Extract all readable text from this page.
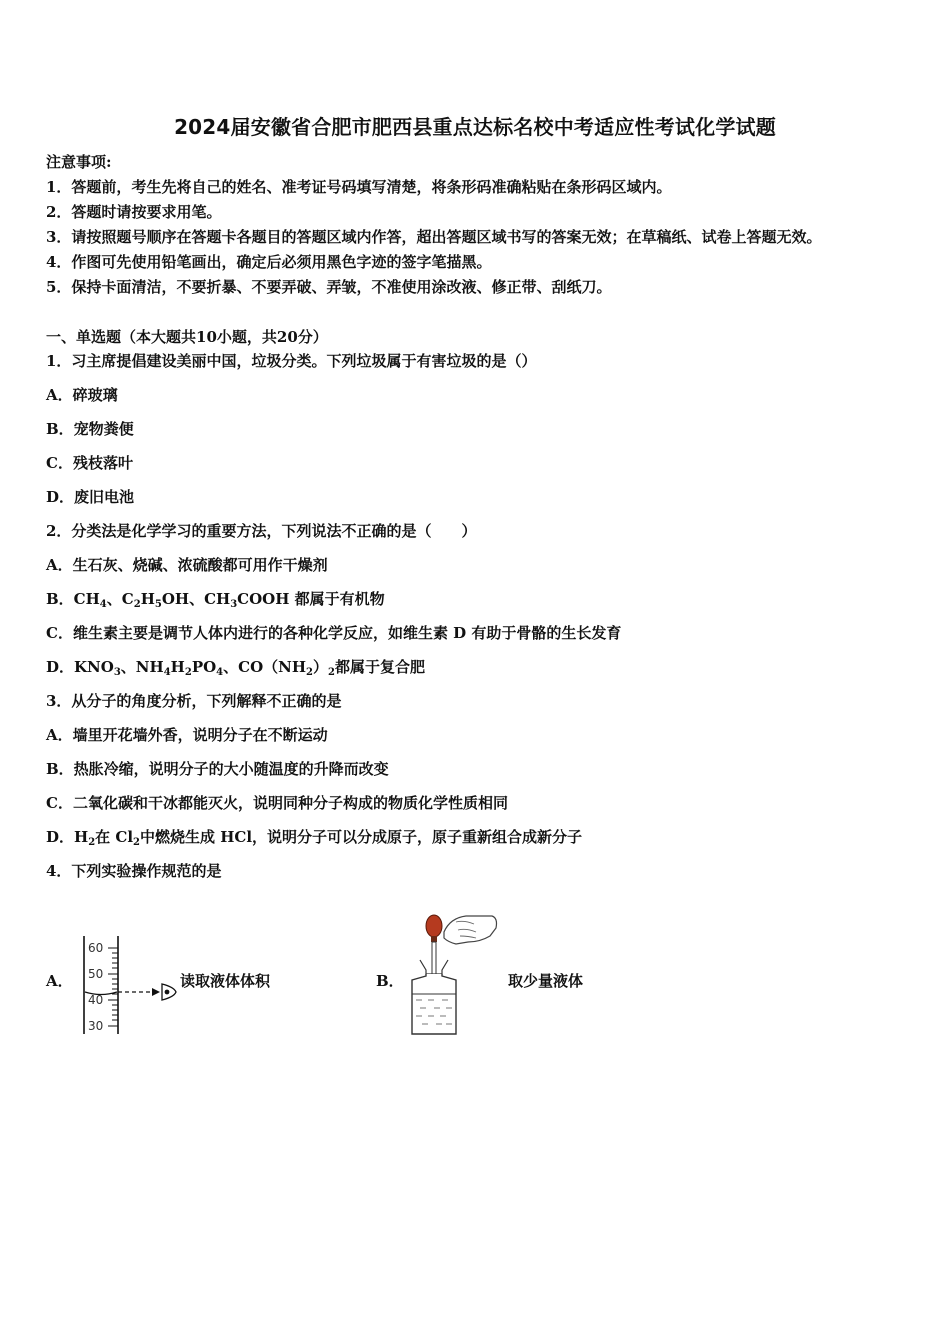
2024届安徽省合肥市肥西县重点达标名校中考适应性考试化学试题
注意事项:
1．答题前，考生先将自己的姓名、准考证号码填写清楚，将条形码准确粘贴在条形码区域内。
2．答题时请按要求用笔。
3．请按照题号顺序在答题卡各题目的答题区域内作答，超出答题区域书写的答案无效；在草稿纸、试卷上答题无效。
4．作图可先使用铅笔画出，确定后必须用黑色字迹的签字笔描黑。
5．保持卡面清洁，不要折暴、不要弄破、弄皱，不准使用涂改液、修正带、刮纸刀。
一、单选题（本大题共10小题，共20分）
1．习主席提倡建设美丽中国，垃圾分类。下列垃圾属于有害垃圾的是（）
A．碎玻璃
B．宠物粪便
C．残枝落叶
D．废旧电池
2．分类法是化学学习的重要方法，下列说法不正确的是（　　）
A．生石灰、烧碱、浓硫酸都可用作干燥剂
B．$CH_4$、$C_2H_5OH$、$CH_3COOH$ 都属于有机物
C．维生素主要是调节人体内进行的各种化学反应，如维生素 D 有助于骨骼的生长发育
D．$KNO_3$、$NH_4H_2PO_4$、$CO(NH_2)_2$都属于复合肥
3．从分子的角度分析，下列解释不正确的是
A．墙里开花墙外香，说明分子在不断运动
B．热胀冷缩，说明分子的大小随温度的升降而改变
C．二氧化碳和干冰都能灭火，说明同种分子构成的物质化学性质相同
D．$H_2$在 $Cl_2$中燃烧生成 HCl，说明分子可以分成原子，原子重新组合成新分子
4．下列实验操作规范的是
A．
60
50
40
30
读取液体体积	B．	取少量液体
